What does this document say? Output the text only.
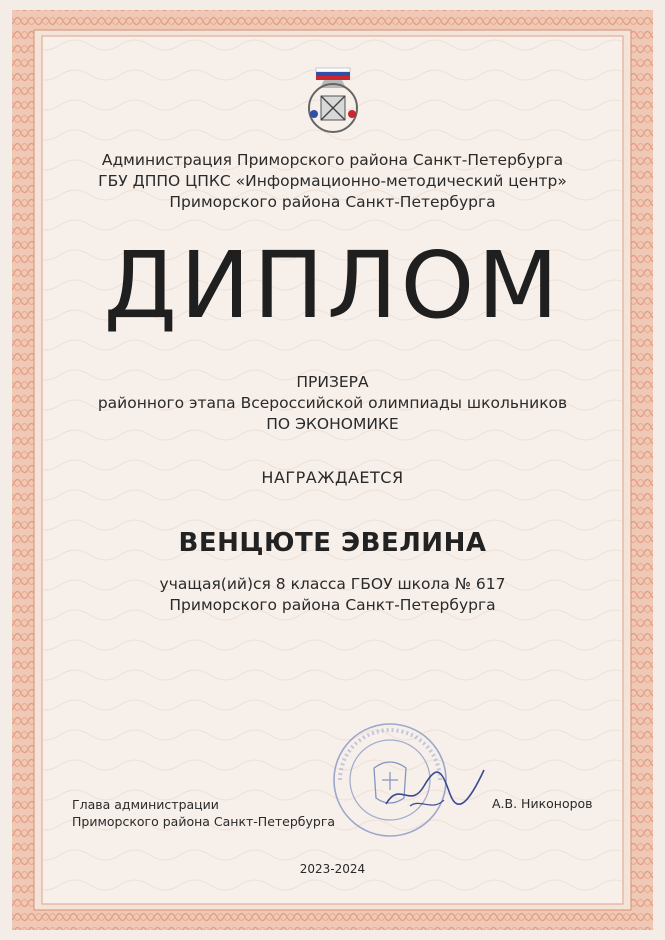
Администрация Приморского района Санкт-Петербурга
ГБУ ДППО ЦПКС «Информационно-методический центр»
Приморского района Санкт-Петербурга
ДИПЛОМ
ПРИЗЕРА
районного этапа Всероссийской олимпиады школьников
ПО ЭКОНОМИКЕ
НАГРАЖДАЕТСЯ
ВЕНЦЮТЕ ЭВЕЛИНА
учащая(ий)ся 8 класса ГБОУ школа № 617
Приморского района Санкт-Петербурга
Глава администрации
Приморского района Санкт-Петербурга
А.В. Никоноров
2023-2024
